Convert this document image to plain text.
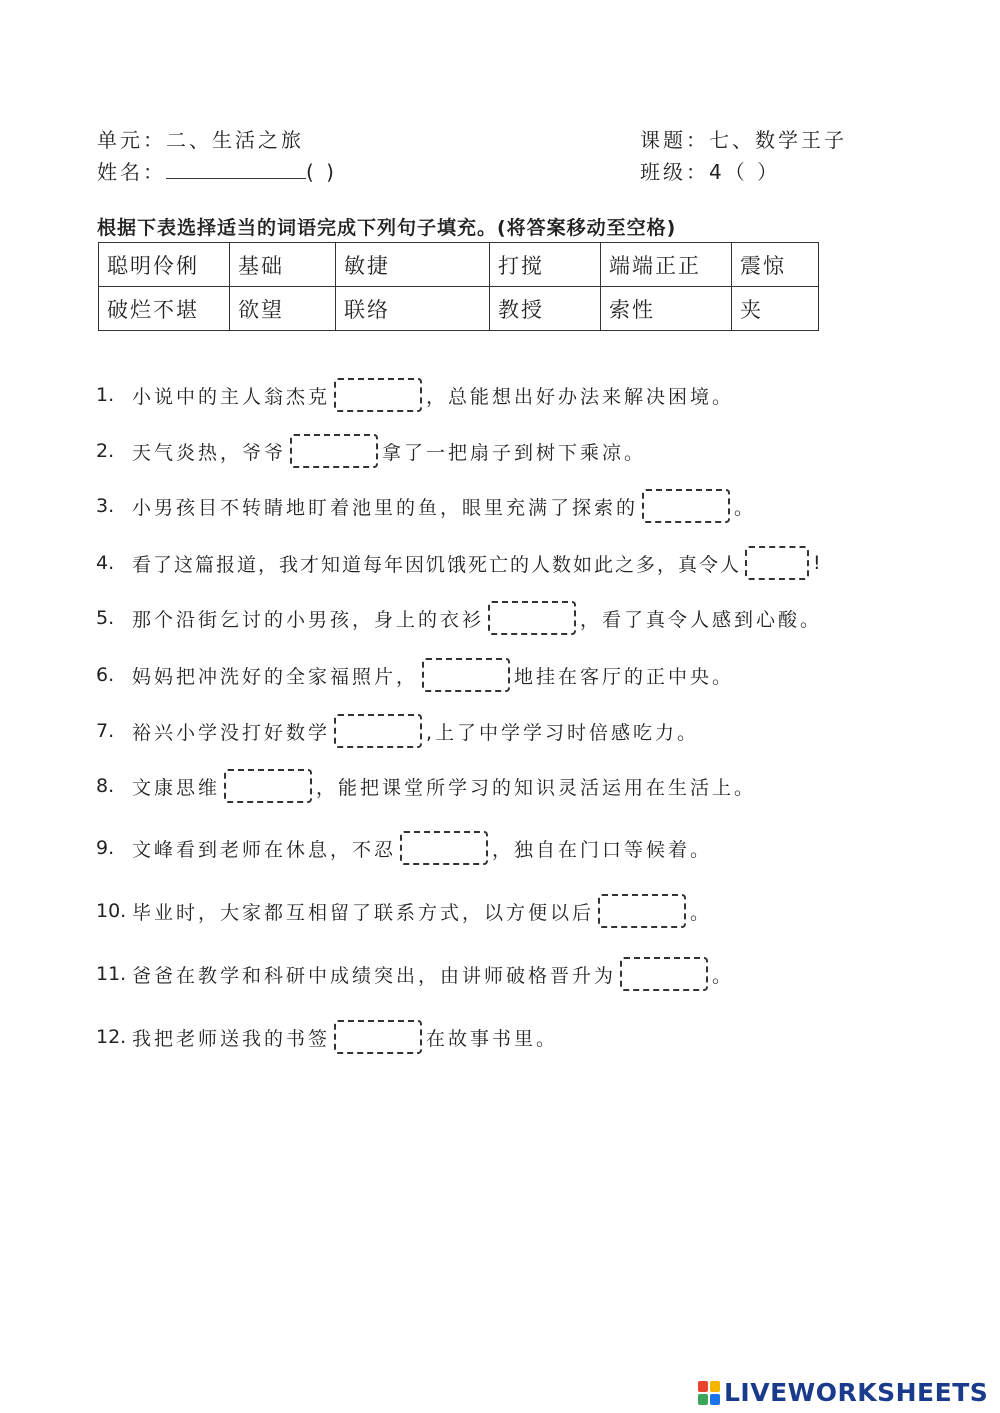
单元：二、生活之旅	课题：七、数学王子
姓名：	( )	班级：4（ ）
根据下表选择适当的词语完成下列句子填充。(将答案移动至空格)
聪明伶俐	基础	敏捷	打搅	端端正正	震惊
破烂不堪	欲望	联络	教授	索性	夹
1. 小说中的主人翁杰克	，总能想出好办法来解决困境。
2. 天气炎热，爷爷	拿了一把扇子到树下乘凉。
3. 小男孩目不转睛地盯着池里的鱼，眼里充满了探索的	。
4. 看了这篇报道，我才知道每年因饥饿死亡的人数如此之多，真令人	!
5. 那个沿街乞讨的小男孩，身上的衣衫	，看了真令人感到心酸。
6. 妈妈把冲洗好的全家福照片，	地挂在客厅的正中央。
7. 裕兴小学没打好数学	,上了中学学习时倍感吃力。
8. 文康思维	，能把课堂所学习的知识灵活运用在生活上。
9. 文峰看到老师在休息，不忍	，独自在门口等候着。
10. 毕业时，大家都互相留了联系方式，以方便以后	。
11. 爸爸在教学和科研中成绩突出，由讲师破格晋升为	。
12. 我把老师送我的书签	在故事书里。
LIVEWORKSHEETS
